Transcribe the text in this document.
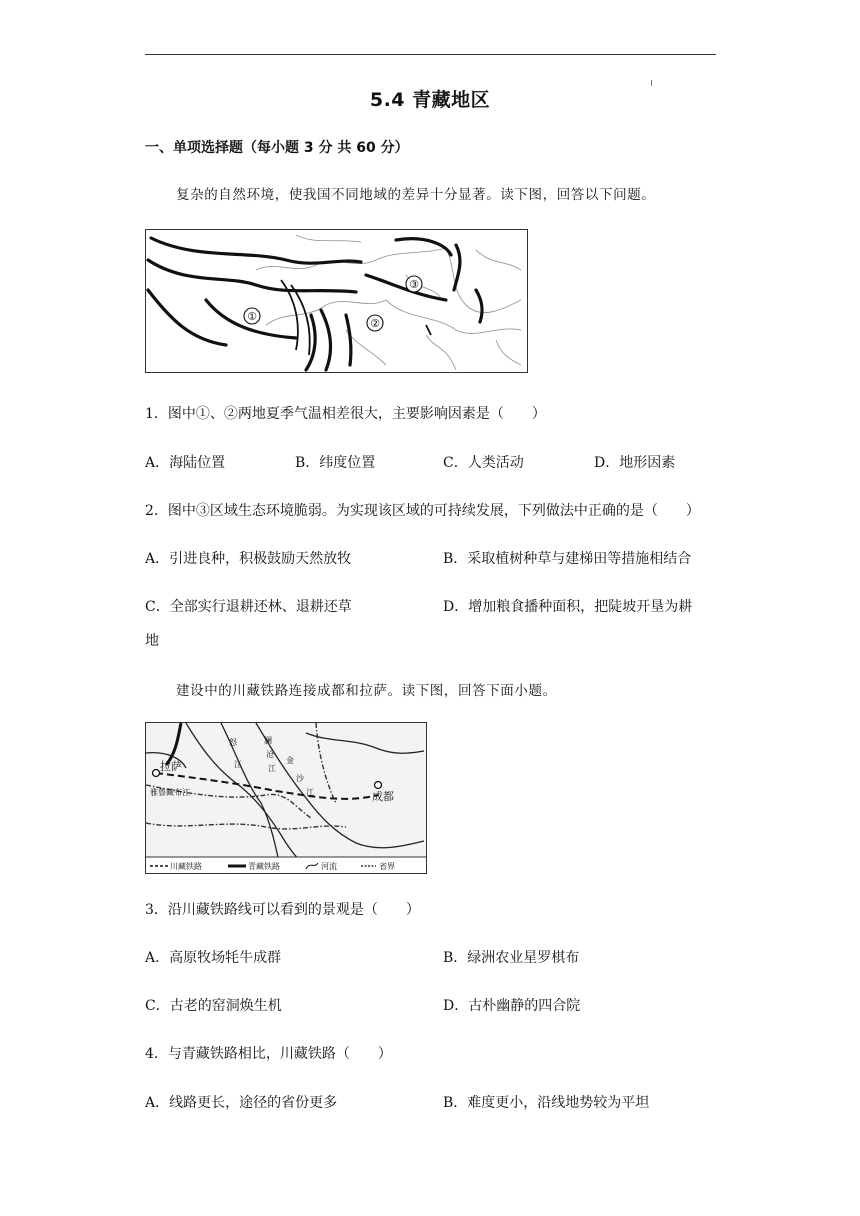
5.4 青藏地区
一、单项选择题（每小题 3 分 共 60 分）
复杂的自然环境，使我国不同地域的差异十分显著。读下图，回答以下问题。
①
②
③
1．图中①、②两地夏季气温相差很大，主要影响因素是（　　）
A．海陆位置	B．纬度位置	C．人类活动	D．地形因素
2．图中③区域生态环境脆弱。为实现该区域的可持续发展，下列做法中正确的是（　　）
A．引进良种，积极鼓励天然放牧	B．采取植树种草与建梯田等措施相结合
C．全部实行退耕还林、退耕还草	D．增加粮食播种面积，把陡坡开垦为耕
地
建设中的川藏铁路连接成都和拉萨。读下图，回答下面小题。
拉萨
成都
雅鲁藏布江
怒
江
澜
沧
江
金
沙
江
川藏铁路	青藏铁路	河流	省界
3．沿川藏铁路线可以看到的景观是（　　）
A．高原牧场牦牛成群	B．绿洲农业星罗棋布
C．古老的窑洞焕生机	D．古朴幽静的四合院
4．与青藏铁路相比，川藏铁路（　　）
A．线路更长，途径的省份更多	B．难度更小，沿线地势较为平坦
